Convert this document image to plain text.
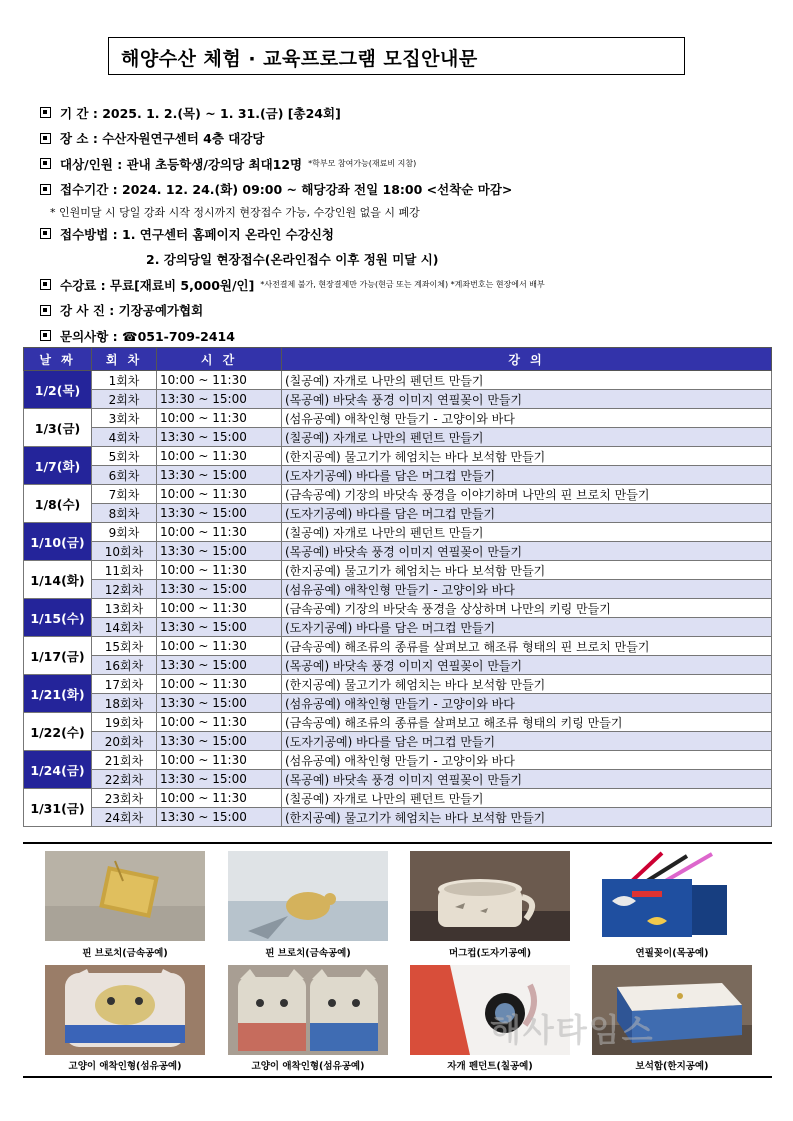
해양수산 체험 · 교육프로그램 모집안내문
기 간 : 2025. 1. 2.(목) ~ 1. 31.(금) [총24회]
장 소 : 수산자원연구센터 4층 대강당
대상/인원 : 관내 초등학생/강의당 최대12명 *학부모 참여가능(재료비 지참)
접수기간 : 2024. 12. 24.(화) 09:00 ~ 해당강좌 전일 18:00 <선착순 마감>
* 인원미달 시 당일 강좌 시작 정시까지 현장접수 가능, 수강인원 없을 시 폐강
접수방법 : 1. 연구센터 홈페이지 온라인 수강신청
2. 강의당일 현장접수(온라인접수 이후 정원 미달 시)
수강료 : 무료[재료비 5,000원/인] *사전결제 불가, 현장결제만 가능(현금 또는 계좌이체) *계좌번호는 현장에서 배부
강 사 진 : 기장공예가협회
문의사항 : ☎051-709-2414
날 짜	회 차	시 간	강 의
1/2(목)	1회차	10:00 ~ 11:30	(칠공예) 자개로 나만의 펜던트 만들기
	2회차	13:30 ~ 15:00	(목공예) 바닷속 풍경 이미지 연필꽂이 만들기
1/3(금)	3회차	10:00 ~ 11:30	(섬유공예) 애착인형 만들기 - 고양이와 바다
	4회차	13:30 ~ 15:00	(칠공예) 자개로 나만의 펜던트 만들기
1/7(화)	5회차	10:00 ~ 11:30	(한지공예) 물고기가 헤엄치는 바다 보석함 만들기
	6회차	13:30 ~ 15:00	(도자기공예) 바다를 담은 머그컵 만들기
1/8(수)	7회차	10:00 ~ 11:30	(금속공예) 기장의 바닷속 풍경을 이야기하며 나만의 핀 브로치 만들기
	8회차	13:30 ~ 15:00	(도자기공예) 바다를 담은 머그컵 만들기
1/10(금)	9회차	10:00 ~ 11:30	(칠공예) 자개로 나만의 펜던트 만들기
	10회차	13:30 ~ 15:00	(목공예) 바닷속 풍경 이미지 연필꽂이 만들기
1/14(화)	11회차	10:00 ~ 11:30	(한지공예) 물고기가 헤엄치는 바다 보석함 만들기
	12회차	13:30 ~ 15:00	(섬유공예) 애착인형 만들기 - 고양이와 바다
1/15(수)	13회차	10:00 ~ 11:30	(금속공예) 기장의 바닷속 풍경을 상상하며 나만의 키링 만들기
	14회차	13:30 ~ 15:00	(도자기공예) 바다를 담은 머그컵 만들기
1/17(금)	15회차	10:00 ~ 11:30	(금속공예) 해조류의 종류를 살펴보고 해조류 형태의 핀 브로치 만들기
	16회차	13:30 ~ 15:00	(목공예) 바닷속 풍경 이미지 연필꽂이 만들기
1/21(화)	17회차	10:00 ~ 11:30	(한지공예) 물고기가 헤엄치는 바다 보석함 만들기
	18회차	13:30 ~ 15:00	(섬유공예) 애착인형 만들기 - 고양이와 바다
1/22(수)	19회차	10:00 ~ 11:30	(금속공예) 해조류의 종류를 살펴보고 해조류 형태의 키링 만들기
	20회차	13:30 ~ 15:00	(도자기공예) 바다를 담은 머그컵 만들기
1/24(금)	21회차	10:00 ~ 11:30	(섬유공예) 애착인형 만들기 - 고양이와 바다
	22회차	13:30 ~ 15:00	(목공예) 바닷속 풍경 이미지 연필꽂이 만들기
1/31(금)	23회차	10:00 ~ 11:30	(칠공예) 자개로 나만의 펜던트 만들기
	24회차	13:30 ~ 15:00	(한지공예) 물고기가 헤엄치는 바다 보석함 만들기
핀 브로치(금속공예)	핀 브로치(금속공예)	머그컵(도자기공예)	연필꽂이(목공예)
고양이 애착인형(섬유공예)	고양이 애착인형(섬유공예)	자개 펜던트(칠공예)	보석함(한지공예)
해사타임스
